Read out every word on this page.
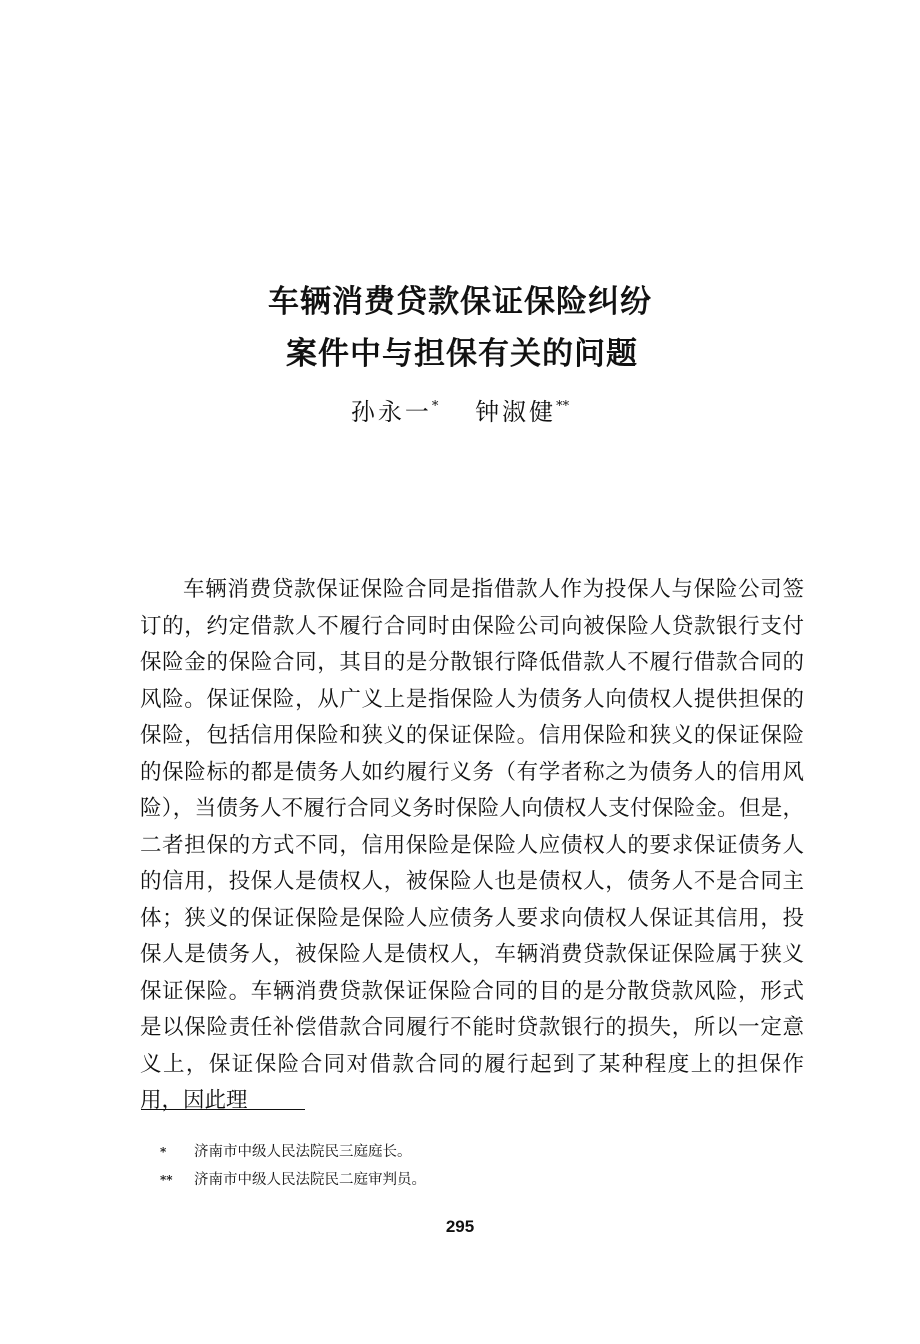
车辆消费贷款保证保险纠纷

案件中与担保有关的问题

孙永一* 钟淑健**

车辆消费贷款保证保险合同是指借款人作为投保人与保险公司签订的，约定借款人不履行合同时由保险公司向被保险人贷款银行支付保险金的保险合同，其目的是分散银行降低借款人不履行借款合同的风险。保证保险，从广义上是指保险人为债务人向债权人提供担保的保险，包括信用保险和狭义的保证保险。信用保险和狭义的保证保险的保险标的都是债务人如约履行义务（有学者称之为债务人的信用风险），当债务人不履行合同义务时保险人向债权人支付保险金。但是，二者担保的方式不同，信用保险是保险人应债权人的要求保证债务人的信用，投保人是债权人，被保险人也是债权人，债务人不是合同主体；狭义的保证保险是保险人应债务人要求向债权人保证其信用，投保人是债务人，被保险人是债权人，车辆消费贷款保证保险属于狭义保证保险。车辆消费贷款保证保险合同的目的是分散贷款风险，形式是以保险责任补偿借款合同履行不能时贷款银行的损失，所以一定意义上，保证保险合同对借款合同的履行起到了某种程度上的担保作用，因此理

* 济南市中级人民法院民三庭庭长。
** 济南市中级人民法院民二庭审判员。
295
